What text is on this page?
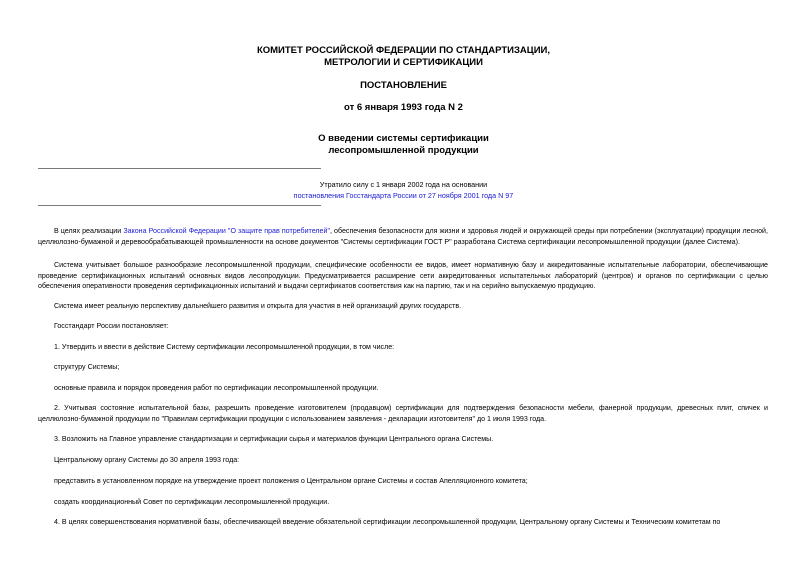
КОМИТЕТ РОССИЙСКОЙ ФЕДЕРАЦИИ ПО СТАНДАРТИЗАЦИИ,
МЕТРОЛОГИИ И СЕРТИФИКАЦИИ
ПОСТАНОВЛЕНИЕ
от 6 января 1993 года N 2
О введении системы сертификации
лесопромышленной продукции
Утратило силу с 1 января 2002 года на основании
постановления Госстандарта России от 27 ноября 2001 года N 97
В целях реализации Закона Российской Федерации "О защите прав потребителей", обеспечения безопасности для жизни и здоровья людей и окружающей среды при потреблении (эксплуатации) продукции лесной, целлюлозно-бумажной и деревообрабатывающей промышленности на основе документов "Системы сертификации ГОСТ Р" разработана Система сертификации лесопромышленной продукции (далее Система).
Система учитывает большое разнообразие лесопромышленной продукции, специфические особенности ее видов, имеет нормативную базу и аккредитованные испытательные лаборатории, обеспечивающие проведение сертификационных испытаний основных видов лесопродукции. Предусматривается расширение сети аккредитованных испытательных лабораторий (центров) и органов по сертификации с целью обеспечения оперативности проведения сертификационных испытаний и выдачи сертификатов соответствия как на партию, так и на серийно выпускаемую продукцию.
Система имеет реальную перспективу дальнейшего развития и открыта для участия в ней организаций других государств.
Госстандарт России постановляет:
1. Утвердить и ввести в действие Систему сертификации лесопромышленной продукции, в том числе:
структуру Системы;
основные правила и порядок проведения работ по сертификации лесопромышленной продукции.
2. Учитывая состояние испытательной базы, разрешить проведение изготовителем (продавцом) сертификации для подтверждения безопасности мебели, фанерной продукции, древесных плит, спичек и целлюлозно-бумажной продукции по "Правилам сертификации продукции с использованием заявления - декларации изготовителя" до 1 июля 1993 года.
3. Возложить на Главное управление стандартизации и сертификации сырья и материалов функции Центрального органа Системы.
Центральному органу Системы до 30 апреля 1993 года:
представить в установленном порядке на утверждение проект положения о Центральном органе Системы и состав Апелляционного комитета;
создать координационный Совет по сертификации лесопромышленной продукции.
4. В целях совершенствования нормативной базы, обеспечивающей введение обязательной сертификации лесопромышленной продукции, Центральному органу Системы и Техническим комитетам по
